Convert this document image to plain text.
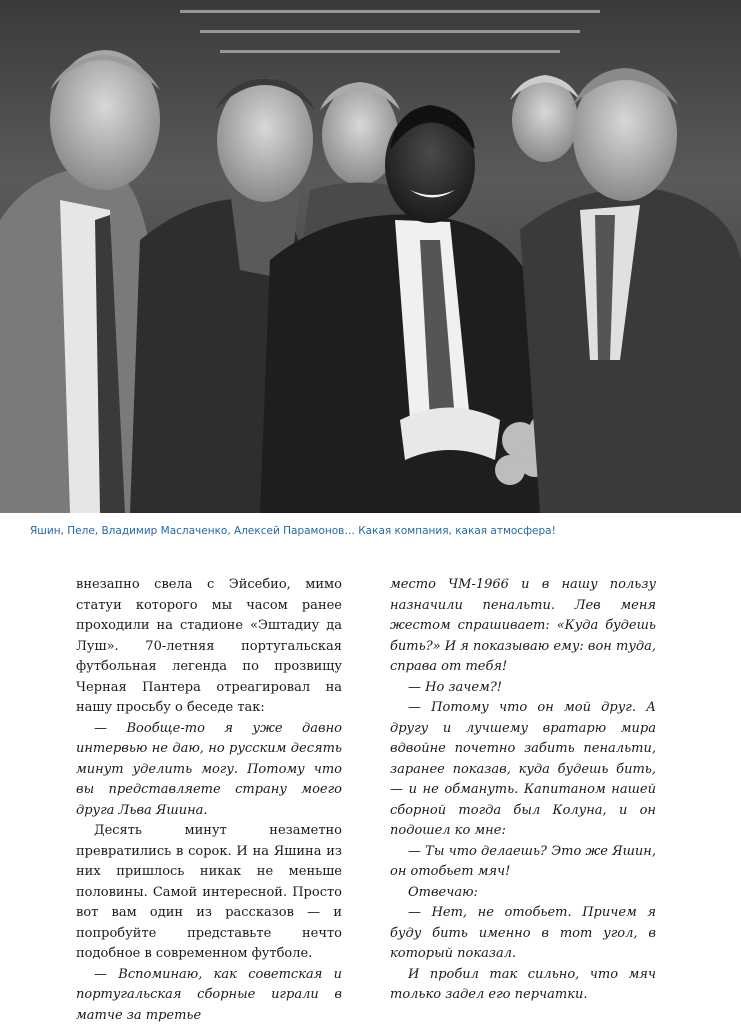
Яшин, Пеле, Владимир Маслаченко, Алексей Парамонов… Какая компания, какая атмосфера!

внезапно свела с Эйсебио, мимо статуи которого мы часом ранее проходили на стадионе «Эштадиу да Луш». 70-летняя португальская футбольная легенда по прозвищу Черная Пантера отреагировал на нашу просьбу о беседе так:

— Вообще-то я уже давно интервью не даю, но русским десять минут уделить могу. Потому что вы представляете страну моего друга Льва Яшина.

Десять минут незаметно превратились в сорок. И на Яшина из них пришлось никак не меньше половины. Самой интересной. Просто вот вам один из рассказов — и попробуйте представьте нечто подобное в современном футболе.

— Вспоминаю, как советская и португальская сборные играли в матче за третье

место ЧМ-1966 и в нашу пользу назначили пенальти. Лев меня жестом спрашивает: «Куда будешь бить?» И я показываю ему: вон туда, справа от тебя!

— Но зачем?!

— Потому что он мой друг. А другу и лучшему вратарю мира вдвойне почетно забить пенальти, заранее показав, куда будешь бить, — и не обмануть. Капитаном нашей сборной тогда был Колуна, и он подошел ко мне:

— Ты что делаешь? Это же Яшин, он отобьет мяч!

Отвечаю:

— Нет, не отобьет. Причем я буду бить именно в тот угол, в который показал.

И пробил так сильно, что мяч только задел его перчатки.
